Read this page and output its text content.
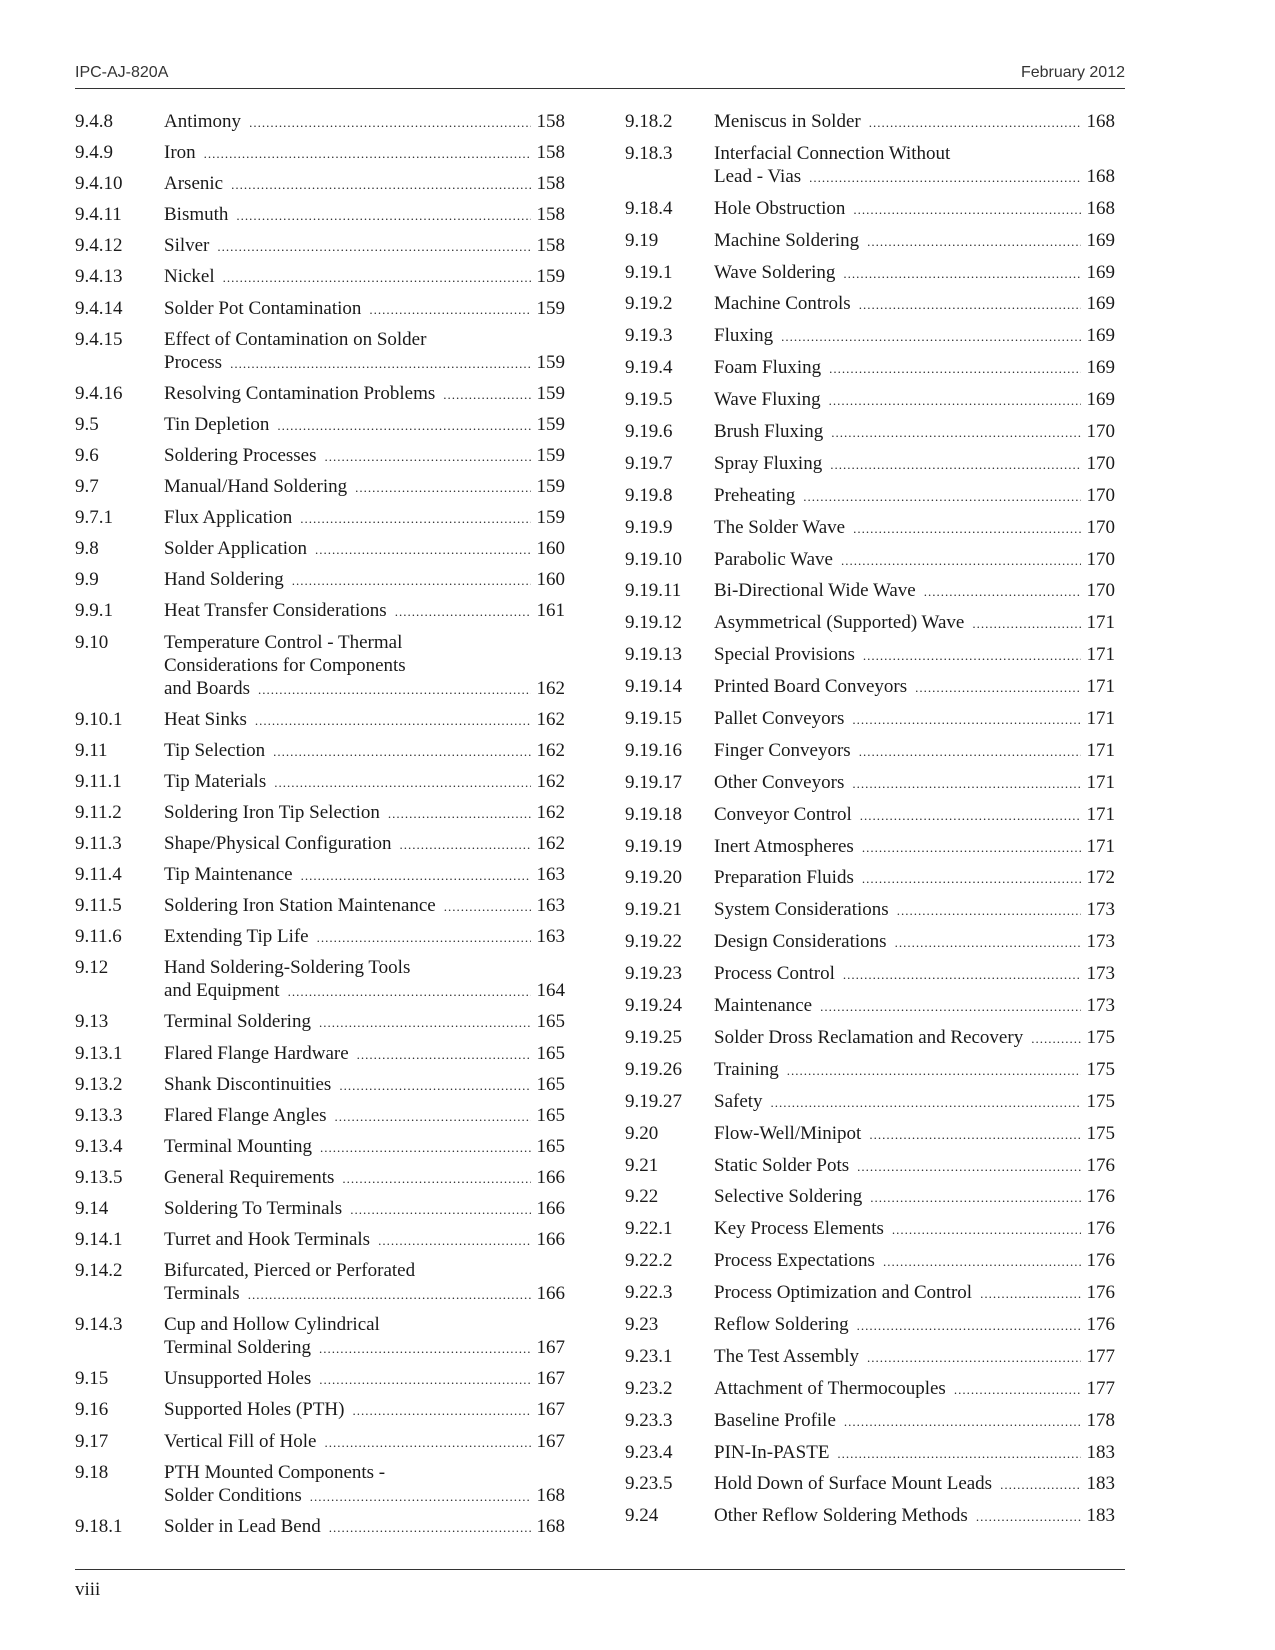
IPC-AJ-820A	February 2012
9.4.8	Antimony .....	158
9.4.9	Iron .....	158
9.4.10 Arsenic .....	158
9.4.11 Bismuth .....	158
9.4.12 Silver .....	158
9.4.13 Nickel .....	159
9.4.14 Solder Pot Contamination .....	159
9.4.15 Effect of Contamination on Solder
Process .....	159
9.4.16 Resolving Contamination Problems .....	159
9.5	Tin Depletion .....	159
9.6	Soldering Processes .....	159
9.7	Manual/Hand Soldering .....	159
9.7.1	Flux Application .....	159
9.8	Solder Application .....	160
9.9	Hand Soldering .....	160
9.9.1	Heat Transfer Considerations .....	161
9.10	Temperature Control - Thermal
Considerations for Components
and Boards .....	162
9.10.1 Heat Sinks .....	162
9.11	Tip Selection .....	162
9.11.1 Tip Materials .....	162
9.11.2 Soldering Iron Tip Selection .....	162
9.11.3 Shape/Physical Configuration .....	162
9.11.4 Tip Maintenance .....	163
9.11.5 Soldering Iron Station Maintenance .....	163
9.11.6 Extending Tip Life .....	163
9.12	Hand Soldering-Soldering Tools
and Equipment .....	164
9.13	Terminal Soldering .....	165
9.13.1 Flared Flange Hardware .....	165
9.13.2 Shank Discontinuities .....	165
9.13.3 Flared Flange Angles .....	165
9.13.4 Terminal Mounting .....	165
9.13.5 General Requirements .....	166
9.14	Soldering To Terminals .....	166
9.14.1 Turret and Hook Terminals .....	166
9.14.2 Bifurcated, Pierced or Perforated
Terminals .....	166
9.14.3 Cup and Hollow Cylindrical
Terminal Soldering .....	167
9.15	Unsupported Holes .....	167
9.16	Supported Holes (PTH) .....	167
9.17	Vertical Fill of Hole .....	167
9.18	PTH Mounted Components -
Solder Conditions .....	168
9.18.1 Solder in Lead Bend .....	168
9.18.2 Meniscus in Solder .....	168
9.18.3 Interfacial Connection Without
Lead - Vias .....	168
9.18.4 Hole Obstruction .....	168
9.19	Machine Soldering .....	169
9.19.1 Wave Soldering .....	169
9.19.2 Machine Controls .....	169
9.19.3 Fluxing .....	169
9.19.4 Foam Fluxing .....	169
9.19.5 Wave Fluxing .....	169
9.19.6 Brush Fluxing .....	170
9.19.7 Spray Fluxing .....	170
9.19.8 Preheating .....	170
9.19.9 The Solder Wave .....	170
9.19.10 Parabolic Wave .....	170
9.19.11 Bi-Directional Wide Wave .....	170
9.19.12 Asymmetrical (Supported) Wave .....	171
9.19.13 Special Provisions .....	171
9.19.14 Printed Board Conveyors .....	171
9.19.15 Pallet Conveyors .....	171
9.19.16 Finger Conveyors .....	171
9.19.17 Other Conveyors .....	171
9.19.18 Conveyor Control .....	171
9.19.19 Inert Atmospheres .....	171
9.19.20 Preparation Fluids .....	172
9.19.21 System Considerations .....	173
9.19.22 Design Considerations .....	173
9.19.23 Process Control .....	173
9.19.24 Maintenance .....	173
9.19.25 Solder Dross Reclamation and Recovery .....	175
9.19.26 Training .....	175
9.19.27 Safety .....	175
9.20	Flow-Well/Minipot .....	175
9.21	Static Solder Pots .....	176
9.22	Selective Soldering .....	176
9.22.1 Key Process Elements .....	176
9.22.2 Process Expectations .....	176
9.22.3 Process Optimization and Control .....	176
9.23	Reflow Soldering .....	176
9.23.1 The Test Assembly .....	177
9.23.2 Attachment of Thermocouples .....	177
9.23.3 Baseline Profile .....	178
9.23.4 PIN-In-PASTE .....	183
9.23.5 Hold Down of Surface Mount Leads .....	183
9.24	Other Reflow Soldering Methods .....	183
viii
